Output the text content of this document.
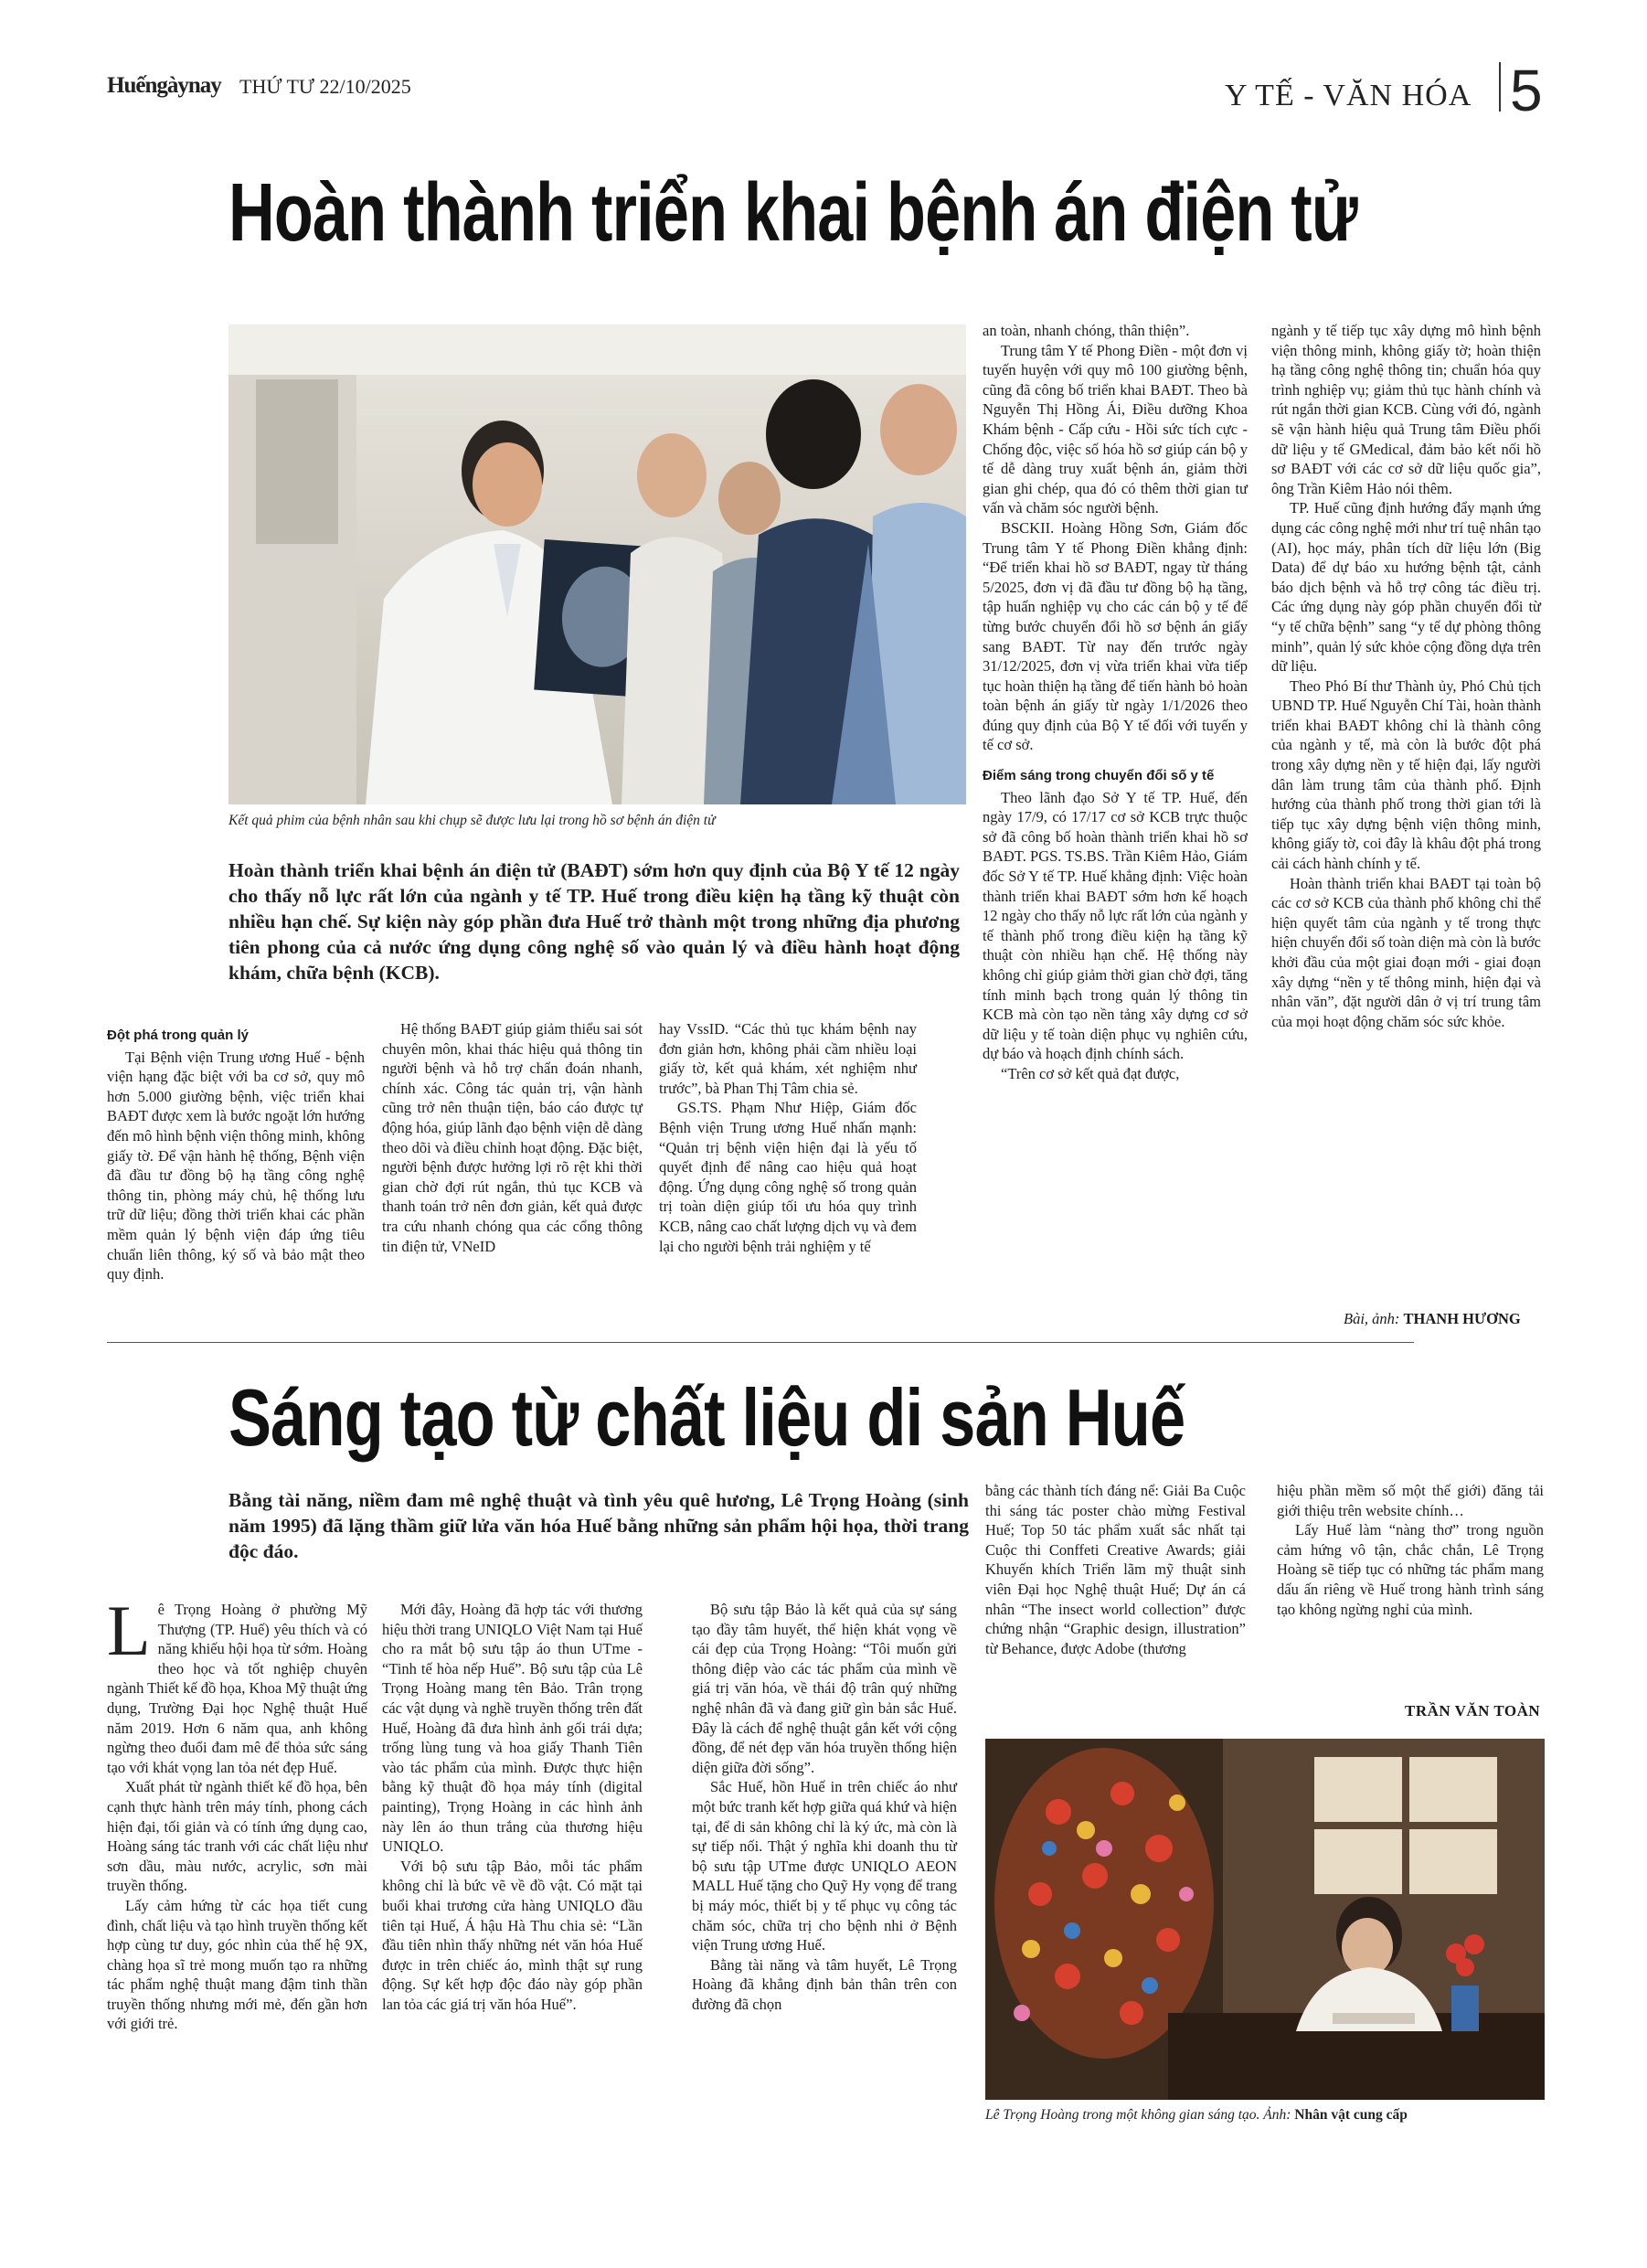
Huếngàynay THỨ TƯ 22/10/2025	Y TẾ - VĂN HÓA 5
Hoàn thành triển khai bệnh án điện tử
Kết quả phim của bệnh nhân sau khi chụp sẽ được lưu lại trong hồ sơ bệnh án điện tử
Hoàn thành triển khai bệnh án điện tử (BAĐT) sớm hơn quy định của Bộ Y tế 12 ngày cho thấy nỗ lực rất lớn của ngành y tế TP. Huế trong điều kiện hạ tầng kỹ thuật còn nhiều hạn chế. Sự kiện này góp phần đưa Huế trở thành một trong những địa phương tiên phong của cả nước ứng dụng công nghệ số vào quản lý và điều hành hoạt động khám, chữa bệnh (KCB).
Đột phá trong quản lý

Tại Bệnh viện Trung ương Huế - bệnh viện hạng đặc biệt với ba cơ sở, quy mô hơn 5.000 giường bệnh, việc triển khai BAĐT được xem là bước ngoặt lớn hướng đến mô hình bệnh viện thông minh, không giấy tờ. Để vận hành hệ thống, Bệnh viện đã đầu tư đồng bộ hạ tầng công nghệ thông tin, phòng máy chủ, hệ thống lưu trữ dữ liệu; đồng thời triển khai các phần mềm quản lý bệnh viện đáp ứng tiêu chuẩn liên thông, ký số và bảo mật theo quy định.

Hệ thống BAĐT giúp giảm thiểu sai sót chuyên môn, khai thác hiệu quả thông tin người bệnh và hỗ trợ chẩn đoán nhanh, chính xác. Công tác quản trị, vận hành cũng trở nên thuận tiện, báo cáo được tự động hóa, giúp lãnh đạo bệnh viện dễ dàng theo dõi và điều chỉnh hoạt động. Đặc biệt, người bệnh được hưởng lợi rõ rệt khi thời gian chờ đợi rút ngắn, thủ tục KCB và thanh toán trở nên đơn giản, kết quả được tra cứu nhanh chóng qua các cổng thông tin điện tử, VNeID

hay VssID. “Các thủ tục khám bệnh nay đơn giản hơn, không phải cầm nhiều loại giấy tờ, kết quả khám, xét nghiệm như trước”, bà Phan Thị Tâm chia sẻ.

GS.TS. Phạm Như Hiệp, Giám đốc Bệnh viện Trung ương Huế nhấn mạnh: “Quản trị bệnh viện hiện đại là yếu tố quyết định để nâng cao hiệu quả hoạt động. Ứng dụng công nghệ số trong quản trị toàn diện giúp tối ưu hóa quy trình KCB, nâng cao chất lượng dịch vụ và đem lại cho người bệnh trải nghiệm y tế

an toàn, nhanh chóng, thân thiện”.

Trung tâm Y tế Phong Điền - một đơn vị tuyến huyện với quy mô 100 giường bệnh, cũng đã công bố triển khai BAĐT. Theo bà Nguyễn Thị Hồng Ái, Điều dưỡng Khoa Khám bệnh - Cấp cứu - Hồi sức tích cực - Chống độc, việc số hóa hồ sơ giúp cán bộ y tế dễ dàng truy xuất bệnh án, giảm thời gian ghi chép, qua đó có thêm thời gian tư vấn và chăm sóc người bệnh.

BSCKII. Hoàng Hồng Sơn, Giám đốc Trung tâm Y tế Phong Điền khẳng định: “Để triển khai hồ sơ BAĐT, ngay từ tháng 5/2025, đơn vị đã đầu tư đồng bộ hạ tầng, tập huấn nghiệp vụ cho các cán bộ y tế để từng bước chuyển đổi hồ sơ bệnh án giấy sang BAĐT. Từ nay đến trước ngày 31/12/2025, đơn vị vừa triển khai vừa tiếp tục hoàn thiện hạ tầng để tiến hành bỏ hoàn toàn bệnh án giấy từ ngày 1/1/2026 theo đúng quy định của Bộ Y tế đối với tuyến y tế cơ sở.

Điểm sáng trong chuyển đổi số y tế

Theo lãnh đạo Sở Y tế TP. Huế, đến ngày 17/9, có 17/17 cơ sở KCB trực thuộc sở đã công bố hoàn thành triển khai hồ sơ BAĐT. PGS. TS.BS. Trần Kiêm Hảo, Giám đốc Sở Y tế TP. Huế khẳng định: Việc hoàn thành triển khai BAĐT sớm hơn kế hoạch 12 ngày cho thấy nỗ lực rất lớn của ngành y tế thành phố trong điều kiện hạ tầng kỹ thuật còn nhiều hạn chế. Hệ thống này không chỉ giúp giảm thời gian chờ đợi, tăng tính minh bạch trong quản lý thông tin KCB mà còn tạo nền tảng xây dựng cơ sở dữ liệu y tế toàn diện phục vụ nghiên cứu, dự báo và hoạch định chính sách.

“Trên cơ sở kết quả đạt được,

ngành y tế tiếp tục xây dựng mô hình bệnh viện thông minh, không giấy tờ; hoàn thiện hạ tầng công nghệ thông tin; chuẩn hóa quy trình nghiệp vụ; giảm thủ tục hành chính và rút ngắn thời gian KCB. Cùng với đó, ngành sẽ vận hành hiệu quả Trung tâm Điều phối dữ liệu y tế GMedical, đảm bảo kết nối hồ sơ BAĐT với các cơ sở dữ liệu quốc gia”, ông Trần Kiêm Hảo nói thêm.

TP. Huế cũng định hướng đẩy mạnh ứng dụng các công nghệ mới như trí tuệ nhân tạo (AI), học máy, phân tích dữ liệu lớn (Big Data) để dự báo xu hướng bệnh tật, cảnh báo dịch bệnh và hỗ trợ công tác điều trị. Các ứng dụng này góp phần chuyển đổi từ “y tế chữa bệnh” sang “y tế dự phòng thông minh”, quản lý sức khỏe cộng đồng dựa trên dữ liệu.

Theo Phó Bí thư Thành ủy, Phó Chủ tịch UBND TP. Huế Nguyễn Chí Tài, hoàn thành triển khai BAĐT không chỉ là thành công của ngành y tế, mà còn là bước đột phá trong xây dựng nền y tế hiện đại, lấy người dân làm trung tâm của thành phố. Định hướng của thành phố trong thời gian tới là tiếp tục xây dựng bệnh viện thông minh, không giấy tờ, coi đây là khâu đột phá trong cải cách hành chính y tế.

Hoàn thành triển khai BAĐT tại toàn bộ các cơ sở KCB của thành phố không chỉ thể hiện quyết tâm của ngành y tế trong thực hiện chuyển đổi số toàn diện mà còn là bước khởi đầu của một giai đoạn mới - giai đoạn xây dựng “nền y tế thông minh, hiện đại và nhân văn”, đặt người dân ở vị trí trung tâm của mọi hoạt động chăm sóc sức khỏe.

Bài, ảnh: THANH HƯƠNG
Sáng tạo từ chất liệu di sản Huế
Bằng tài năng, niềm đam mê nghệ thuật và tình yêu quê hương, Lê Trọng Hoàng (sinh năm 1995) đã lặng thầm giữ lửa văn hóa Huế bằng những sản phẩm hội họa, thời trang độc đáo.

Lê Trọng Hoàng ở phường Mỹ Thượng (TP. Huế) yêu thích và có năng khiếu hội họa từ sớm. Hoàng theo học và tốt nghiệp chuyên ngành Thiết kế đồ họa, Khoa Mỹ thuật ứng dụng, Trường Đại học Nghệ thuật Huế năm 2019. Hơn 6 năm qua, anh không ngừng theo đuổi đam mê để thỏa sức sáng tạo với khát vọng lan tỏa nét đẹp Huế.

Xuất phát từ ngành thiết kế đồ họa, bên cạnh thực hành trên máy tính, phong cách hiện đại, tối giản và có tính ứng dụng cao, Hoàng sáng tác tranh với các chất liệu như sơn dầu, màu nước, acrylic, sơn mài truyền thống.

Lấy cảm hứng từ các họa tiết cung đình, chất liệu và tạo hình truyền thống kết hợp cùng tư duy, góc nhìn của thế hệ 9X, chàng họa sĩ trẻ mong muốn tạo ra những tác phẩm nghệ thuật mang đậm tinh thần truyền thống nhưng mới mẻ, đến gần hơn với giới trẻ.

Mới đây, Hoàng đã hợp tác với thương hiệu thời trang UNIQLO Việt Nam tại Huế cho ra mắt bộ sưu tập áo thun UTme - “Tinh tế hòa nếp Huế”. Bộ sưu tập của Lê Trọng Hoàng mang tên Bảo. Trân trọng các vật dụng và nghề truyền thống trên đất Huế, Hoàng đã đưa hình ảnh gối trái dựa; trống lùng tung và hoa giấy Thanh Tiên vào tác phẩm của mình. Được thực hiện bằng kỹ thuật đồ họa máy tính (digital painting), Trọng Hoàng in các hình ảnh này lên áo thun trắng của thương hiệu UNIQLO.

Với bộ sưu tập Bảo, mỗi tác phẩm không chỉ là bức vẽ về đồ vật. Có mặt tại buổi khai trương cửa hàng UNIQLO đầu tiên tại Huế, Á hậu Hà Thu chia sẻ: “Lần đầu tiên nhìn thấy những nét văn hóa Huế được in trên chiếc áo, mình thật sự rung động. Sự kết hợp độc đáo này góp phần lan tỏa các giá trị văn hóa Huế”.

Bộ sưu tập Bảo là kết quả của sự sáng tạo đầy tâm huyết, thể hiện khát vọng về cái đẹp của Trọng Hoàng: “Tôi muốn gửi thông điệp vào các tác phẩm của mình về giá trị văn hóa, về thái độ trân quý những nghệ nhân đã và đang giữ gìn bản sắc Huế. Đây là cách để nghệ thuật gắn kết với cộng đồng, để nét đẹp văn hóa truyền thống hiện diện giữa đời sống”.

Sắc Huế, hồn Huế in trên chiếc áo như một bức tranh kết hợp giữa quá khứ và hiện tại, để di sản không chỉ là ký ức, mà còn là sự tiếp nối. Thật ý nghĩa khi doanh thu từ bộ sưu tập UTme được UNIQLO AEON MALL Huế tặng cho Quỹ Hy vọng để trang bị máy móc, thiết bị y tế phục vụ công tác chăm sóc, chữa trị cho bệnh nhi ở Bệnh viện Trung ương Huế.

Bằng tài năng và tâm huyết, Lê Trọng Hoàng đã khẳng định bản thân trên con đường đã chọn

bằng các thành tích đáng nể: Giải Ba Cuộc thi sáng tác poster chào mừng Festival Huế; Top 50 tác phẩm xuất sắc nhất tại Cuộc thi Conffeti Creative Awards; giải Khuyến khích Triển lãm mỹ thuật sinh viên Đại học Nghệ thuật Huế; Dự án cá nhân “The insect world collection” được chứng nhận “Graphic design, illustration” từ Behance, được Adobe (thương

hiệu phần mềm số một thế giới) đăng tải giới thiệu trên website chính…

Lấy Huế làm “nàng thơ” trong nguồn cảm hứng vô tận, chắc chắn, Lê Trọng Hoàng sẽ tiếp tục có những tác phẩm mang dấu ấn riêng về Huế trong hành trình sáng tạo không ngừng nghỉ của mình.

TRẦN VĂN TOÀN
Lê Trọng Hoàng trong một không gian sáng tạo. Ảnh: Nhân vật cung cấp
